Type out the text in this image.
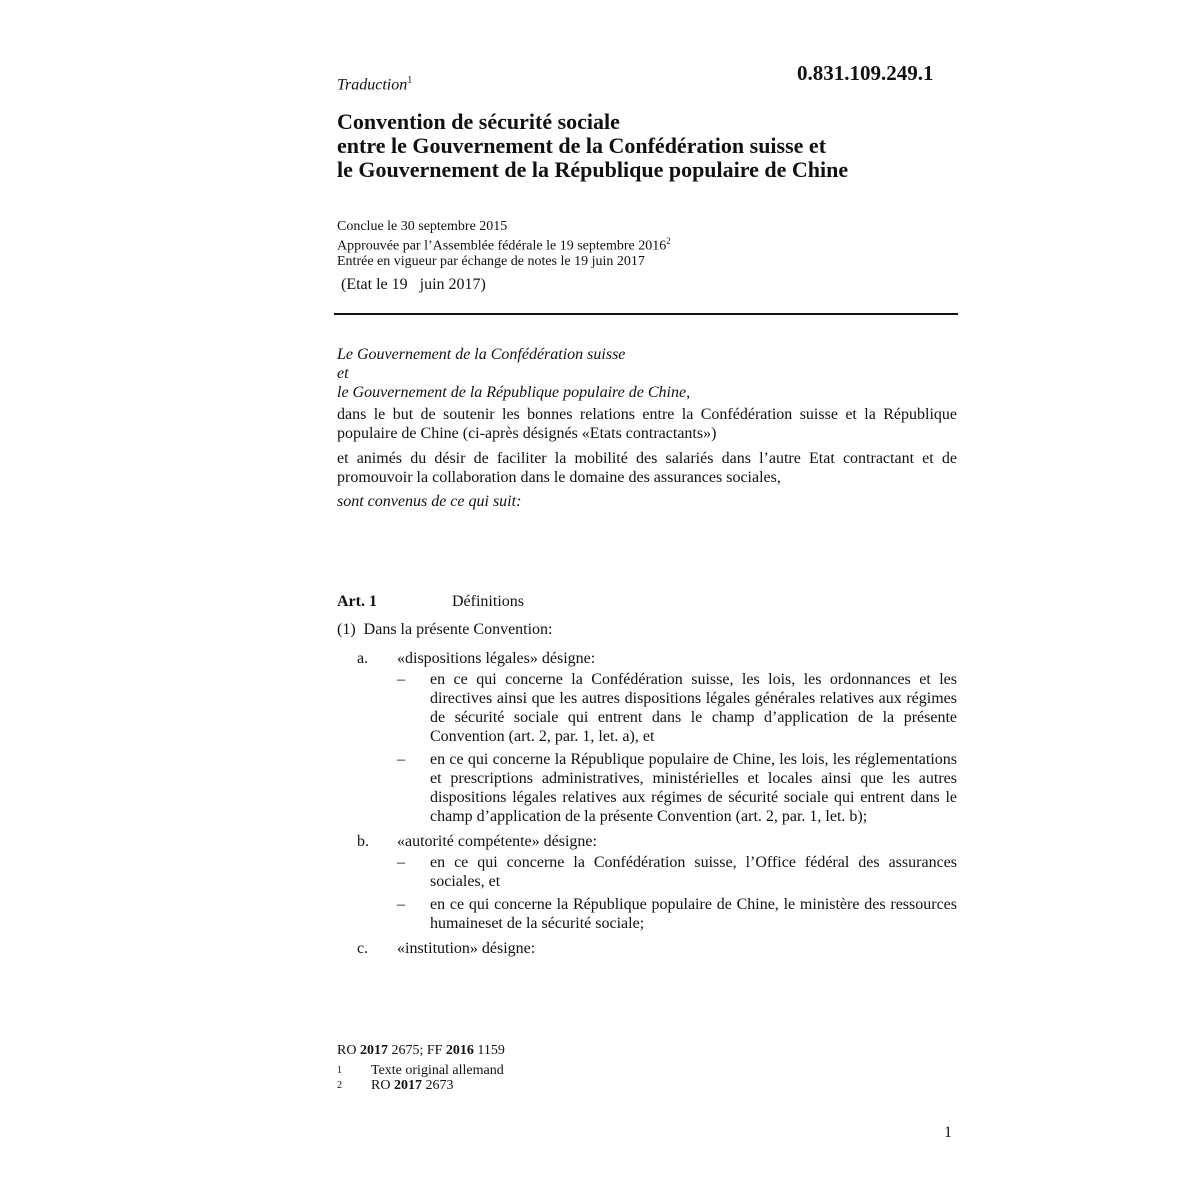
0.831.109.249.1
Traduction$^1$
Convention de sécurité sociale
entre le Gouvernement de la Confédération suisse et
le Gouvernement de la République populaire de Chine
Conclue le 30 septembre 2015
Approuvée par l’Assemblée fédérale le 19 septembre 2016$^2$
Entrée en vigueur par échange de notes le 19 juin 2017
(Etat le 19   juin 2017)

Le Gouvernement de la Confédération suisse

et

le Gouvernement de la République populaire de Chine,

dans le but de soutenir les bonnes relations entre la Confédération suisse et la République populaire de Chine (ci-après désignés «Etats contractants»)

et animés du désir de faciliter la mobilité des salariés dans l’autre Etat contractant et de promouvoir la collaboration dans le domaine des assurances sociales,

sont convenus de ce qui suit:

Art. 1	Définitions
(1)  Dans la présente Convention:
a. «dispositions légales» désigne:
– en ce qui concerne la Confédération suisse, les lois, les ordonnances et les directives ainsi que les autres dispositions légales générales relatives aux régimes de sécurité sociale qui entrent dans le champ d’application de la présente Convention (art. 2, par. 1, let. a), et
– en ce qui concerne la République populaire de Chine, les lois, les réglementations et prescriptions administratives, ministérielles et locales ainsi que les autres dispositions légales relatives aux régimes de sécurité sociale qui entrent dans le champ d’application de la présente Convention (art. 2, par. 1, let. b);
b. «autorité compétente» désigne:
– en ce qui concerne la Confédération suisse, l’Office fédéral des assurances sociales, et
– en ce qui concerne la République populaire de Chine, le ministère des ressources humaineset de la sécurité sociale;
c. «institution» désigne:
RO 2017 2675; FF 2016 1159
1 Texte original allemand
2 RO 2017 2673
1
